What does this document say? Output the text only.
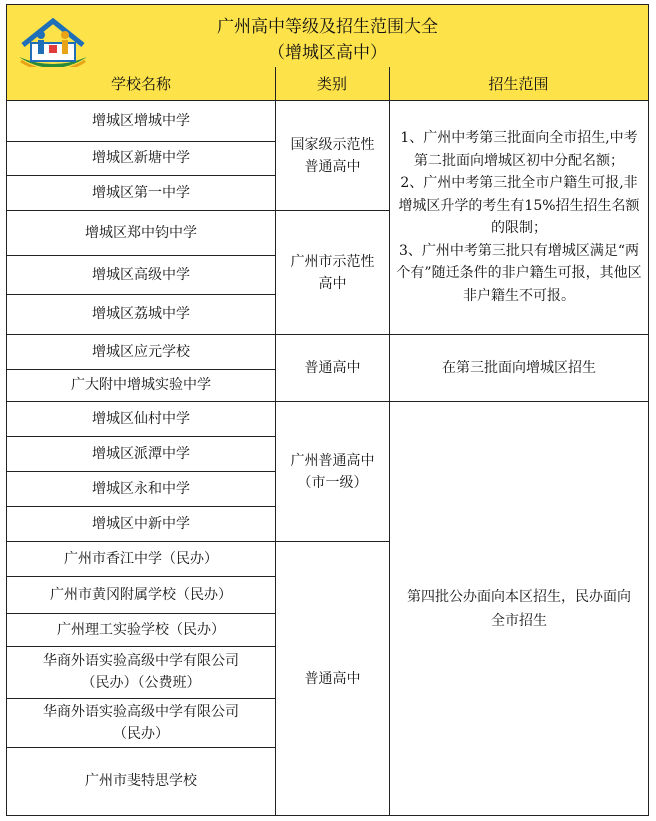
广州高中等级及招生范围大全
（增城区高中）
学校名称	类别	招生范围
增城区增城中学
增城区新塘中学
增城区第一中学
增城区郑中钧中学
增城区高级中学
增城区荔城中学
增城区应元学校
广大附中增城实验中学
增城区仙村中学
增城区派潭中学
增城区永和中学
增城区中新中学
广州市香江中学（民办）
广州市黄冈附属学校（民办）
广州理工实验学校（民办）
华商外语实验高级中学有限公司
（民办）（公费班）
华商外语实验高级中学有限公司
（民办）
广州市斐特思学校
国家级示范性
普通高中
广州市示范性
高中
普通高中
广州普通高中
（市一级）
普通高中
1、广州中考第三批面向全市招生,中考第二批面向增城区初中分配名额；
2、广州中考第三批全市户籍生可报,非增城区升学的考生有15%招生招生名额的限制；
3、广州中考第三批只有增城区满足“两个有”随迁条件的非户籍生可报，其他区非户籍生不可报。
在第三批面向增城区招生
第四批公办面向本区招生，民办面向全市招生
